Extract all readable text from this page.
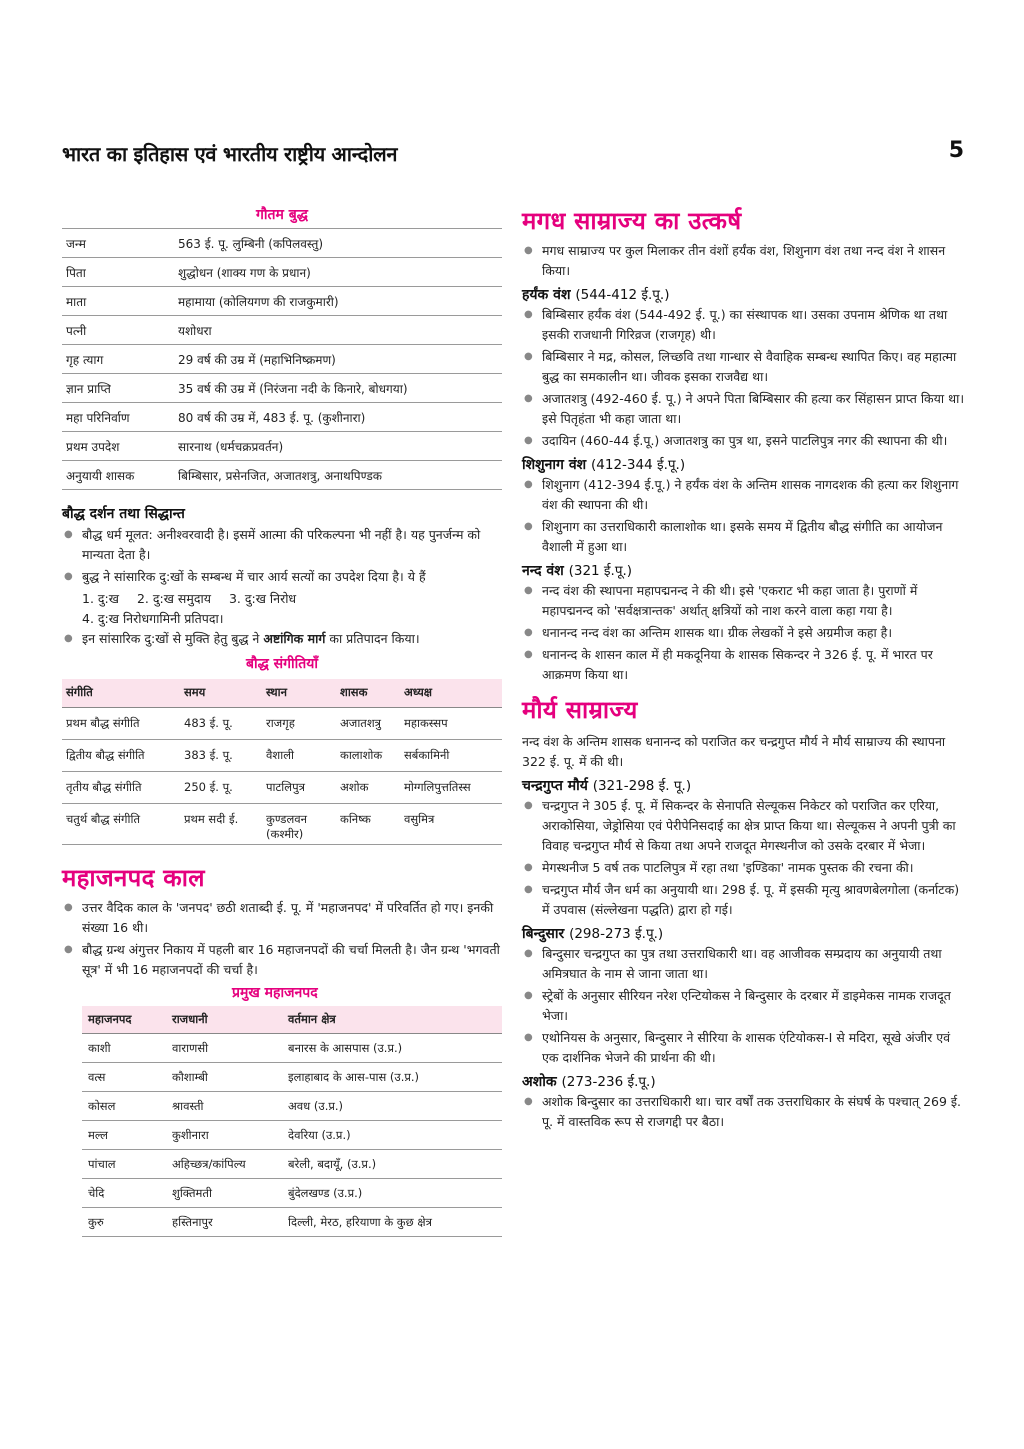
भारत का इतिहास एवं भारतीय राष्ट्रीय आन्दोलन	5
गौतम बुद्ध
जन्म	563 ई. पू. लुम्बिनी (कपिलवस्तु)
पिता	शुद्धोधन (शाक्य गण के प्रधान)
माता	महामाया (कोलियगण की राजकुमारी)
पत्नी	यशोधरा
गृह त्याग	29 वर्ष की उम्र में (महाभिनिष्क्रमण)
ज्ञान प्राप्ति	35 वर्ष की उम्र में (निरंजना नदी के किनारे, बोधगया)
महा परिनिर्वाण	80 वर्ष की उम्र में, 483 ई. पू. (कुशीनारा)
प्रथम उपदेश	सारनाथ (धर्मचक्रप्रवर्तन)
अनुयायी शासक	बिम्बिसार, प्रसेनजित, अजातशत्रु, अनाथपिण्डक
बौद्ध दर्शन तथा सिद्धान्त
● बौद्ध धर्म मूलत: अनीश्वरवादी है। इसमें आत्मा की परिकल्पना भी नहीं है। यह पुनर्जन्म को मान्यता देता है।
● बुद्ध ने सांसारिक दु:खों के सम्बन्ध में चार आर्य सत्यों का उपदेश दिया है। ये हैं
1. दु:ख 2. दु:ख समुदाय 3. दु:ख निरोध
4. दु:ख निरोधगामिनी प्रतिपदा।
● इन सांसारिक दु:खों से मुक्ति हेतु बुद्ध ने अष्टांगिक मार्ग का प्रतिपादन किया।
बौद्ध संगीतियाँ
संगीति	समय	स्थान	शासक	अध्यक्ष
प्रथम बौद्ध संगीति	483 ई. पू.	राजगृह	अजातशत्रु	महाकस्सप
द्वितीय बौद्ध संगीति	383 ई. पू.	वैशाली	कालाशोक	सर्बकामिनी
तृतीय बौद्ध संगीति	250 ई. पू.	पाटलिपुत्र	अशोक	मोग्गलिपुत्ततिस्स
चतुर्थ बौद्ध संगीति	प्रथम सदी ई.	कुण्डलवन (कश्मीर)	कनिष्क	वसुमित्र
महाजनपद काल
● उत्तर वैदिक काल के 'जनपद' छठी शताब्दी ई. पू. में 'महाजनपद' में परिवर्तित हो गए। इनकी संख्या 16 थी।
● बौद्ध ग्रन्थ अंगुत्तर निकाय में पहली बार 16 महाजनपदों की चर्चा मिलती है। जैन ग्रन्थ 'भगवती सूत्र' में भी 16 महाजनपदों की चर्चा है।
प्रमुख महाजनपद
महाजनपद	राजधानी	वर्तमान क्षेत्र
काशी	वाराणसी	बनारस के आसपास (उ.प्र.)
वत्स	कौशाम्बी	इलाहाबाद के आस-पास (उ.प्र.)
कोसल	श्रावस्ती	अवध (उ.प्र.)
मल्ल	कुशीनारा	देवरिया (उ.प्र.)
पांचाल	अहिच्छत्र/कांपिल्य	बरेली, बदायूँ, (उ.प्र.)
चेदि	शुक्तिमती	बुंदेलखण्ड (उ.प्र.)
कुरु	हस्तिनापुर	दिल्ली, मेरठ, हरियाणा के कुछ क्षेत्र
मगध साम्राज्य का उत्कर्ष
● मगध साम्राज्य पर कुल मिलाकर तीन वंशों हर्यंक वंश, शिशुनाग वंश तथा नन्द वंश ने शासन किया।
हर्यंक वंश (544-412 ई.पू.)
● बिम्बिसार हर्यंक वंश (544-492 ई. पू.) का संस्थापक था। उसका उपनाम श्रेणिक था तथा इसकी राजधानी गिरिव्रज (राजगृह) थी।
● बिम्बिसार ने मद्र, कोसल, लिच्छवि तथा गान्धार से वैवाहिक सम्बन्ध स्थापित किए। वह महात्मा बुद्ध का समकालीन था। जीवक इसका राजवैद्य था।
● अजातशत्रु (492-460 ई. पू.) ने अपने पिता बिम्बिसार की हत्या कर सिंहासन प्राप्त किया था। इसे पितृहंता भी कहा जाता था।
● उदायिन (460-44 ई.पू.) अजातशत्रु का पुत्र था, इसने पाटलिपुत्र नगर की स्थापना की थी।
शिशुनाग वंश (412-344 ई.पू.)
● शिशुनाग (412-394 ई.पू.) ने हर्यंक वंश के अन्तिम शासक नागदशक की हत्या कर शिशुनाग वंश की स्थापना की थी।
● शिशुनाग का उत्तराधिकारी कालाशोक था। इसके समय में द्वितीय बौद्ध संगीति का आयोजन वैशाली में हुआ था।
नन्द वंश (321 ई.पू.)
● नन्द वंश की स्थापना महापद्मनन्द ने की थी। इसे 'एकराट भी कहा जाता है। पुराणों में महापद्मनन्द को 'सर्वक्षत्रान्तक' अर्थात् क्षत्रियों को नाश करने वाला कहा गया है।
● धनानन्द नन्द वंश का अन्तिम शासक था। ग्रीक लेखकों ने इसे अग्रमीज कहा है।
● धनानन्द के शासन काल में ही मकदूनिया के शासक सिकन्दर ने 326 ई. पू. में भारत पर आक्रमण किया था।
मौर्य साम्राज्य
नन्द वंश के अन्तिम शासक धनानन्द को पराजित कर चन्द्रगुप्त मौर्य ने मौर्य साम्राज्य की स्थापना 322 ई. पू. में की थी।
चन्द्रगुप्त मौर्य (321-298 ई. पू.)
● चन्द्रगुप्त ने 305 ई. पू. में सिकन्दर के सेनापति सेल्यूकस निकेटर को पराजित कर एरिया, अराकोसिया, जेड्रोसिया एवं पेरीपेनिसदाई का क्षेत्र प्राप्त किया था। सेल्यूकस ने अपनी पुत्री का विवाह चन्द्रगुप्त मौर्य से किया तथा अपने राजदूत मेगस्थनीज को उसके दरबार में भेजा।
● मेगस्थनीज 5 वर्ष तक पाटलिपुत्र में रहा तथा 'इण्डिका' नामक पुस्तक की रचना की।
● चन्द्रगुप्त मौर्य जैन धर्म का अनुयायी था। 298 ई. पू. में इसकी मृत्यु श्रावणबेलगोला (कर्नाटक) में उपवास (संल्लेखना पद्धति) द्वारा हो गई।
बिन्दुसार (298-273 ई.पू.)
● बिन्दुसार चन्द्रगुप्त का पुत्र तथा उत्तराधिकारी था। वह आजीवक सम्प्रदाय का अनुयायी तथा अमित्रघात के नाम से जाना जाता था।
● स्ट्रेबों के अनुसार सीरियन नरेश एन्टियोकस ने बिन्दुसार के दरबार में डाइमेकस नामक राजदूत भेजा।
● एथोनियस के अनुसार, बिन्दुसार ने सीरिया के शासक एंटियोकस-I से मदिरा, सूखे अंजीर एवं एक दार्शनिक भेजने की प्रार्थना की थी।
अशोक (273-236 ई.पू.)
● अशोक बिन्दुसार का उत्तराधिकारी था। चार वर्षों तक उत्तराधिकार के संघर्ष के पश्चात् 269 ई. पू. में वास्तविक रूप से राजगद्दी पर बैठा।
